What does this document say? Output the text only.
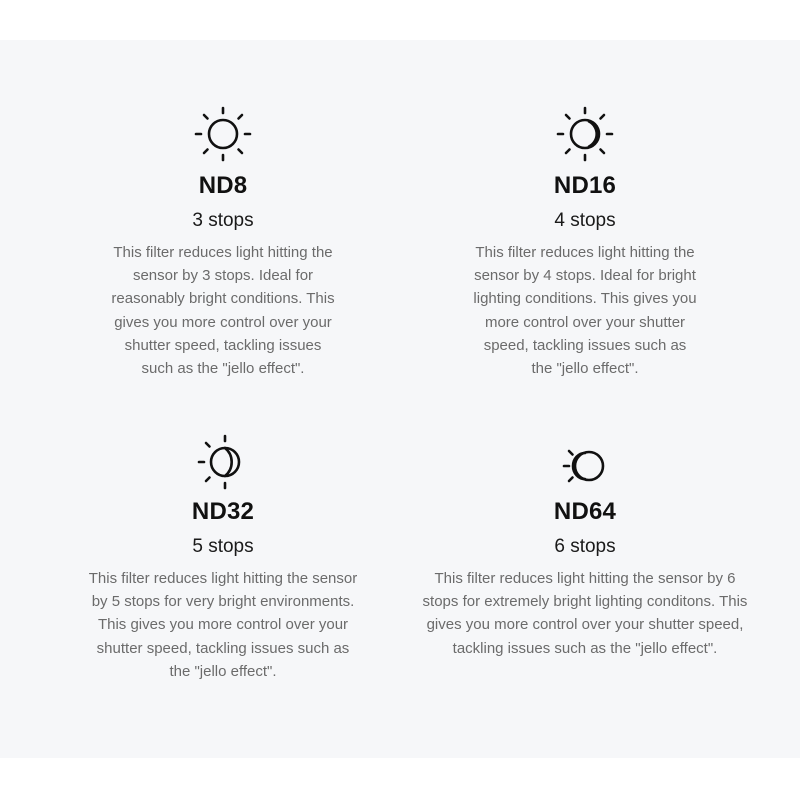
ND8
3 stops
This filter reduces light hitting the sensor by 3 stops. Ideal for reasonably bright conditions. This gives you more control over your shutter speed, tackling issues such as the "jello effect".
ND16
4 stops
This filter reduces light hitting the sensor by 4 stops. Ideal for bright lighting conditions. This gives you more control over your shutter speed, tackling issues such as the "jello effect".
ND32
5 stops
This filter reduces light hitting the sensor by 5 stops for very bright environments. This gives you more control over your shutter speed, tackling issues such as the "jello effect".
ND64
6 stops
This filter reduces light hitting the sensor by 6 stops for extremely bright lighting conditons. This gives you more control over your shutter speed, tackling issues such as the "jello effect".
